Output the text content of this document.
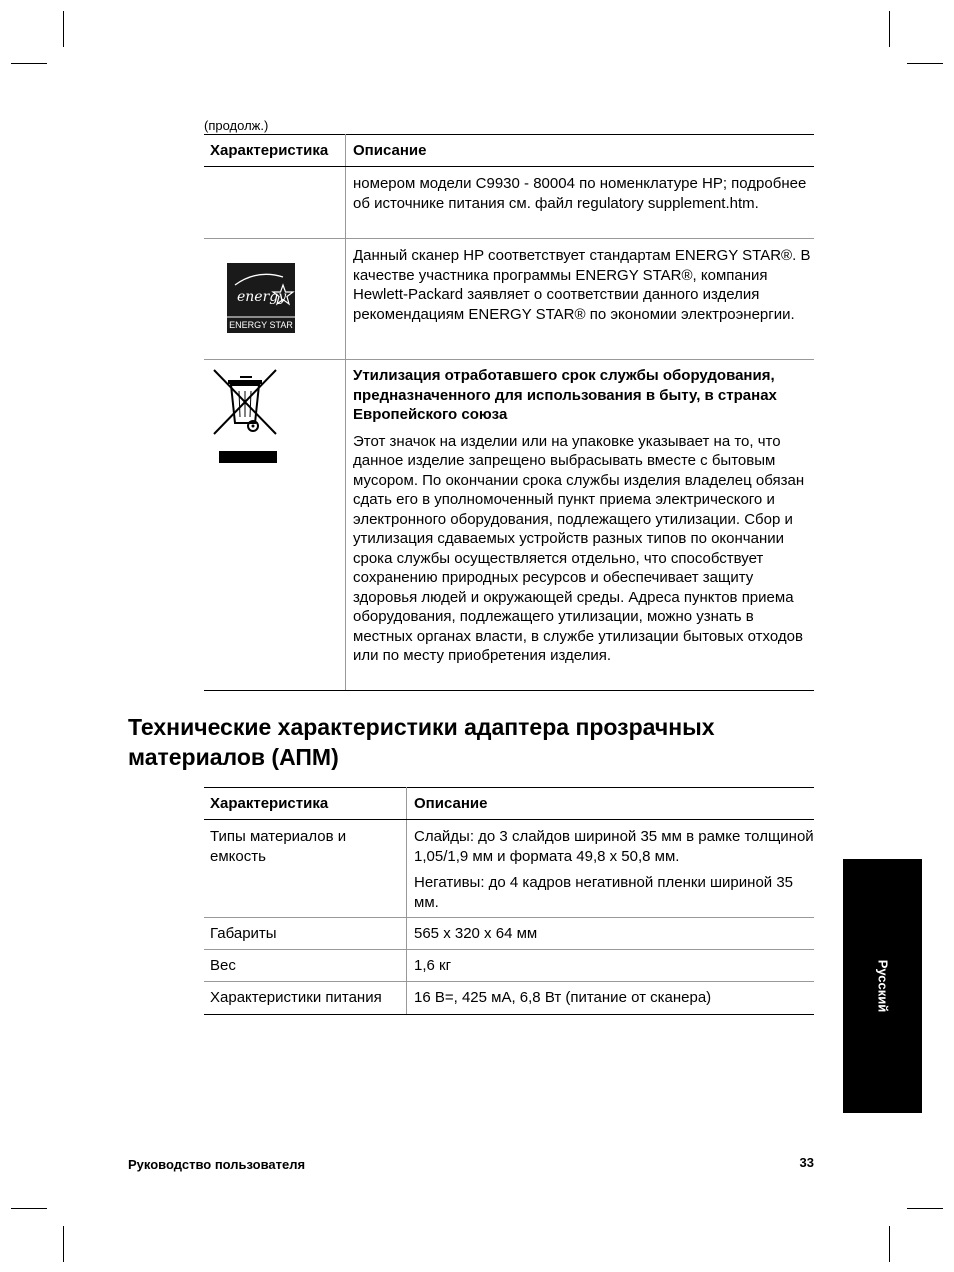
(продолж.)
Характеристика	Описание

	номером модели C9930 - 80004 по номенклатуре HP; подробнее об источнике питания см. файл regulatory supplement.htm.

energy
ENERGY STAR	Данный сканер HP соответствует стандартам ENERGY STAR®. В качестве участника программы ENERGY STAR®, компания Hewlett-Packard заявляет о соответствии данного изделия рекомендациям ENERGY STAR® по экономии электроэнергии.

Утилизация отработавшего срок службы оборудования, предназначенного для использования в быту, в странах Европейского союза

Этот значок на изделии или на упаковке указывает на то, что данное изделие запрещено выбрасывать вместе с бытовым мусором. По окончании срока службы изделия владелец обязан сдать его в уполномоченный пункт приема электрического и электронного оборудования, подлежащего утилизации. Сбор и утилизация сдаваемых устройств разных типов по окончании срока службы осуществляется отдельно, что способствует сохранению природных ресурсов и обеспечивает защиту здоровья людей и окружающей среды. Адреса пунктов приема оборудования, подлежащего утилизации, можно узнать в местных органах власти, в службе утилизации бытовых отходов или по месту приобретения изделия.

Технические характеристики адаптера прозрачных материалов (АПМ)
Характеристика	Описание
Типы материалов и емкость	Слайды: до 3 слайдов шириной 35 мм в рамке толщиной 1,05/1,9 мм и формата 49,8 x 50,8 мм.

Негативы: до 4 кадров негативной пленки шириной 35 мм.

Габариты	565 x 320 x 64 мм
Вес	1,6 кг
Характеристики питания	16 В=, 425 мА, 6,8 Вт (питание от сканера)	Русский
Руководство пользователя	33
